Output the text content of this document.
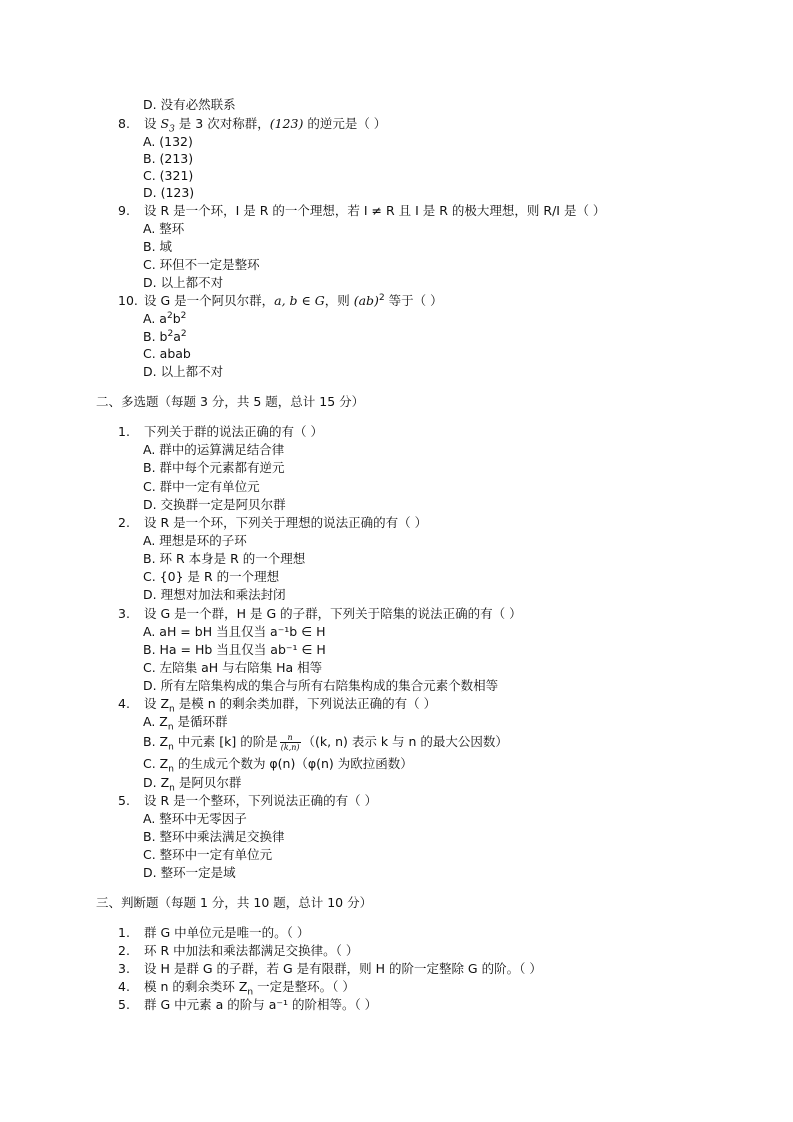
D. 没有必然联系
8. 设 $S_3$ 是 3 次对称群，(123) 的逆元是（ ）
A. (132)
B. (213)
C. (321)
D. (123)
9. 设 R 是一个环，I 是 R 的一个理想，若 I ≠ R 且 I 是 R 的极大理想，则 R/I 是（ ）
A. 整环
B. 域
C. 环但不一定是整环
D. 以上都不对
10. 设 G 是一个阿贝尔群，a, b ∈ G，则 (ab)$^2$ 等于（ ）
A. $a^2b^2$
B. $b^2a^2$
C. abab
D. 以上都不对
二、多选题（每题 3 分，共 5 题，总计 15 分）
1. 下列关于群的说法正确的有（ ）
A. 群中的运算满足结合律
B. 群中每个元素都有逆元
C. 群中一定有单位元
D. 交换群一定是阿贝尔群
2. 设 R 是一个环，下列关于理想的说法正确的有（ ）
A. 理想是环的子环
B. 环 R 本身是 R 的一个理想
C. {0} 是 R 的一个理想
D. 理想对加法和乘法封闭
3. 设 G 是一个群，H 是 G 的子群，下列关于陪集的说法正确的有（ ）
A. aH = bH 当且仅当 a⁻¹b ∈ H
B. Ha = Hb 当且仅当 ab⁻¹ ∈ H
C. 左陪集 aH 与右陪集 Ha 相等
D. 所有左陪集构成的集合与所有右陪集构成的集合元素个数相等
4. 设 $Z_n$ 是模 n 的剩余类加群，下列说法正确的有（ ）
A. $Z_n$ 是循环群
B. $Z_n$ 中元素 [k] 的阶是 $\frac{n}{(k,n)} ((k$, n) 表示 k 与 n 的最大公因数）
C. $Z_n$ 的生成元个数为 φ(n)（φ(n) 为欧拉函数）
D. $Z_n$ 是阿贝尔群
5. 设 R 是一个整环，下列说法正确的有（ ）
A. 整环中无零因子
B. 整环中乘法满足交换律
C. 整环中一定有单位元
D. 整环一定是域
三、判断题（每题 1 分，共 10 题，总计 10 分）
1. 群 G 中单位元是唯一的。（ ）
2. 环 R 中加法和乘法都满足交换律。（ ）
3. 设 H 是群 G 的子群，若 G 是有限群，则 H 的阶一定整除 G 的阶。（ ）
4. 模 n 的剩余类环 $Z_n$ 一定是整环。（ ）
5. 群 G 中元素 a 的阶与 a⁻¹ 的阶相等。（ ）
